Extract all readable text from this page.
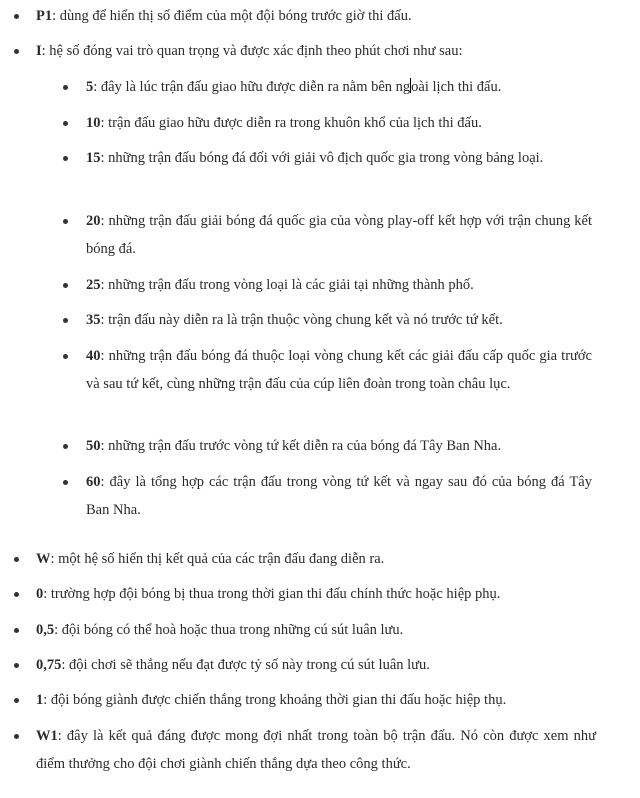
P1: dùng để hiển thị số điểm của một đội bóng trước giờ thi đấu.
I: hệ số đóng vai trò quan trọng và được xác định theo phút chơi như sau:
5: đây là lúc trận đấu giao hữu được diễn ra nằm bên ngoài lịch thi đấu.
10: trận đấu giao hữu được diễn ra trong khuôn khổ của lịch thi đấu.
15: những trận đấu bóng đá đối với giải vô địch quốc gia trong vòng bảng loại.
20: những trận đấu giải bóng đá quốc gia của vòng play-off kết hợp với trận chung kết bóng đá.
25: những trận đấu trong vòng loại là các giải tại những thành phố.
35: trận đấu này diễn ra là trận thuộc vòng chung kết và nó trước tứ kết.
40: những trận đấu bóng đá thuộc loại vòng chung kết các giải đấu cấp quốc gia trước và sau tứ kết, cùng những trận đấu của cúp liên đoàn trong toàn châu lục.
50: những trận đấu trước vòng tứ kết diễn ra của bóng đá Tây Ban Nha.
60: đây là tổng hợp các trận đấu trong vòng tứ kết và ngay sau đó của bóng đá Tây Ban Nha.
W: một hệ số hiển thị kết quả của các trận đấu đang diễn ra.
0: trường hợp đội bóng bị thua trong thời gian thi đấu chính thức hoặc hiệp phụ.
0,5: đội bóng có thể hoà hoặc thua trong những cú sút luân lưu.
0,75: đội chơi sẽ thắng nếu đạt được tỷ số này trong cú sút luân lưu.
1: đội bóng giành được chiến thắng trong khoảng thời gian thi đấu hoặc hiệp thụ.
W1: đây là kết quả đáng được mong đợi nhất trong toàn bộ trận đấu. Nó còn được xem như điểm thưởng cho đội chơi giành chiến thắng dựa theo công thức.
